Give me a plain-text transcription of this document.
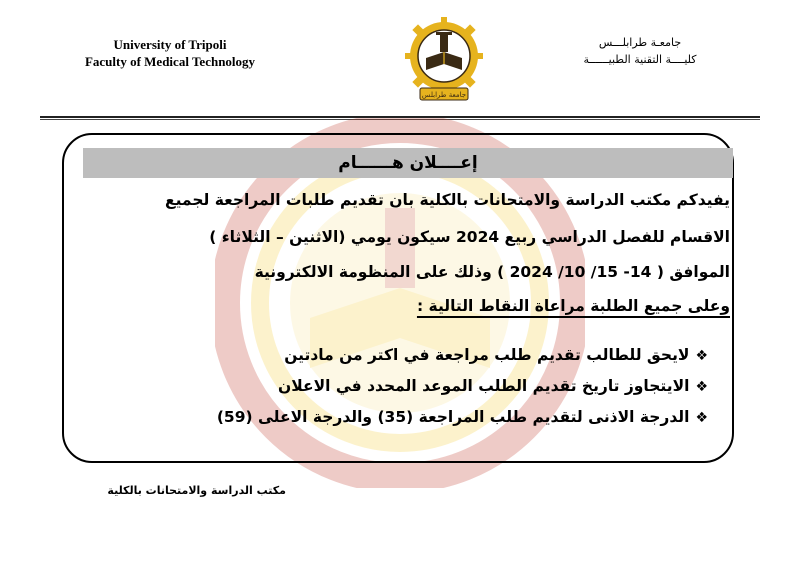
University of Tripoli
Faculty of Medical Technology
جامعـة طرابلـــس
كليــــة التقنية الطبيــــــة
جامعة طرابلس
إعــــلان هــــــام
يفيدكم مكتب الدراسة والامتحانات بالكلية بان تقديم طلبات المراجعة لجميع
الاقسام للفصل الدراسي ربيع 2024 سيكون يومي (الاثنين – الثلاثاء )
الموافق ( 14- 15/ 10/ 2024 ) وذلك على المنظومة الالكترونية
وعلى جميع الطلبة مراعاة النقاط التالية :
❖لايحق للطالب تقديم طلب مراجعة في اكتر من مادتين
❖الايتجاوز تاريخ تقديم الطلب الموعد المحدد في الاعلان
❖الدرجة الاذنى لتقديم طلب المراجعة (35) والدرجة الاعلى (59)
مكتب الدراسة والامتحانات بالكلية
